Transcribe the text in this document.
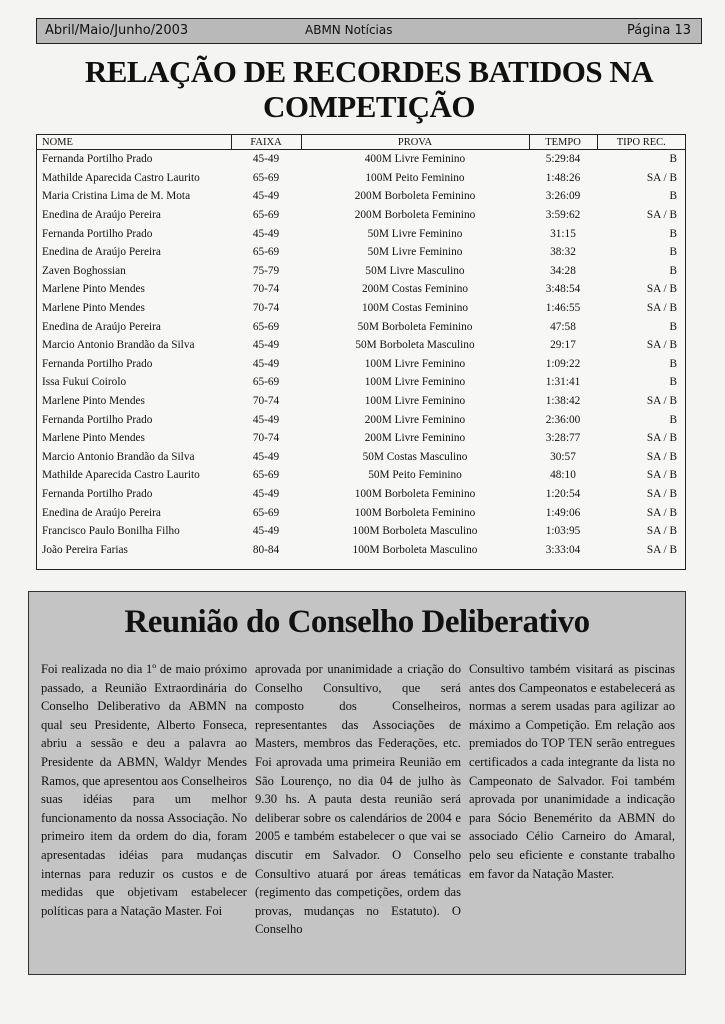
Abril/Maio/Junho/2003	ABMN Notícias	Página 13
RELAÇÃO DE RECORDES BATIDOS NA
COMPETIÇÃO
NOME	FAIXA	PROVA	TEMPO	TIPO REC.
Fernanda Portilho Prado	45-49	400M Livre Feminino	5:29:84	B
Mathilde Aparecida Castro Laurito	65-69	100M Peito Feminino	1:48:26	SA / B
Maria Cristina Lima de M. Mota	45-49	200M Borboleta Feminino	3:26:09	B
Enedina de Araújo Pereira	65-69	200M Borboleta Feminino	3:59:62	SA / B
Fernanda Portilho Prado	45-49	50M Livre Feminino	31:15	B
Enedina de Araújo Pereira	65-69	50M Livre Feminino	38:32	B
Zaven Boghossian	75-79	50M Livre Masculino	34:28	B
Marlene Pinto Mendes	70-74	200M Costas Feminino	3:48:54	SA / B
Marlene Pinto Mendes	70-74	100M Costas Feminino	1:46:55	SA / B
Enedina de Araújo Pereira	65-69	50M Borboleta Feminino	47:58	B
Marcio Antonio Brandão da Silva	45-49	50M Borboleta Masculino	29:17	SA / B
Fernanda Portilho Prado	45-49	100M Livre Feminino	1:09:22	B
Issa Fukui Coirolo	65-69	100M Livre Feminino	1:31:41	B
Marlene Pinto Mendes	70-74	100M Livre Feminino	1:38:42	SA / B
Fernanda Portilho Prado	45-49	200M Livre Feminino	2:36:00	B
Marlene Pinto Mendes	70-74	200M Livre Feminino	3:28:77	SA / B
Marcio Antonio Brandão da Silva	45-49	50M Costas Masculino	30:57	SA / B
Mathilde Aparecida Castro Laurito	65-69	50M Peito Feminino	48:10	SA / B
Fernanda Portilho Prado	45-49	100M Borboleta Feminino	1:20:54	SA / B
Enedina de Araújo Pereira	65-69	100M Borboleta Feminino	1:49:06	SA / B
Francisco Paulo Bonilha Filho	45-49	100M Borboleta Masculino	1:03:95	SA / B
João Pereira Farias	80-84	100M Borboleta Masculino	3:33:04	SA / B
Reunião do Conselho Deliberativo
Foi realizada no dia 1º de maio próximo passado, a Reunião Extraordinária do Conselho Deliberativo da ABMN na qual seu Presidente, Alberto Fonseca, abriu a sessão e deu a palavra ao Presidente da ABMN, Waldyr Mendes Ramos, que apresentou aos Conselheiros suas idéias para um melhor funcionamento da nossa Associação. No primeiro item da ordem do dia, foram apresentadas idéias para mudanças internas para reduzir os custos e de medidas que objetivam estabelecer políticas para a Natação Master. Foi
aprovada por unanimidade a criação do Conselho Consultivo, que será composto dos Conselheiros, representantes das Associações de Masters, membros das Federações, etc. Foi aprovada uma primeira Reunião em São Lourenço, no dia 04 de julho às 9.30 hs. A pauta desta reunião será deliberar sobre os calendários de 2004 e 2005 e também estabelecer o que vai se discutir em Salvador. O Conselho Consultivo atuará por áreas temáticas (regimento das competições, ordem das provas, mudanças no Estatuto). O Conselho
Consultivo também visitará as piscinas antes dos Campeonatos e estabelecerá as normas a serem usadas para agilizar ao máximo a Competição. Em relação aos premiados do TOP TEN serão entregues certificados a cada integrante da lista no Campeonato de Salvador. Foi também aprovada por unanimidade a indicação para Sócio Benemérito da ABMN do associado Célio Carneiro do Amaral, pelo seu eficiente e constante trabalho em favor da Natação Master.
